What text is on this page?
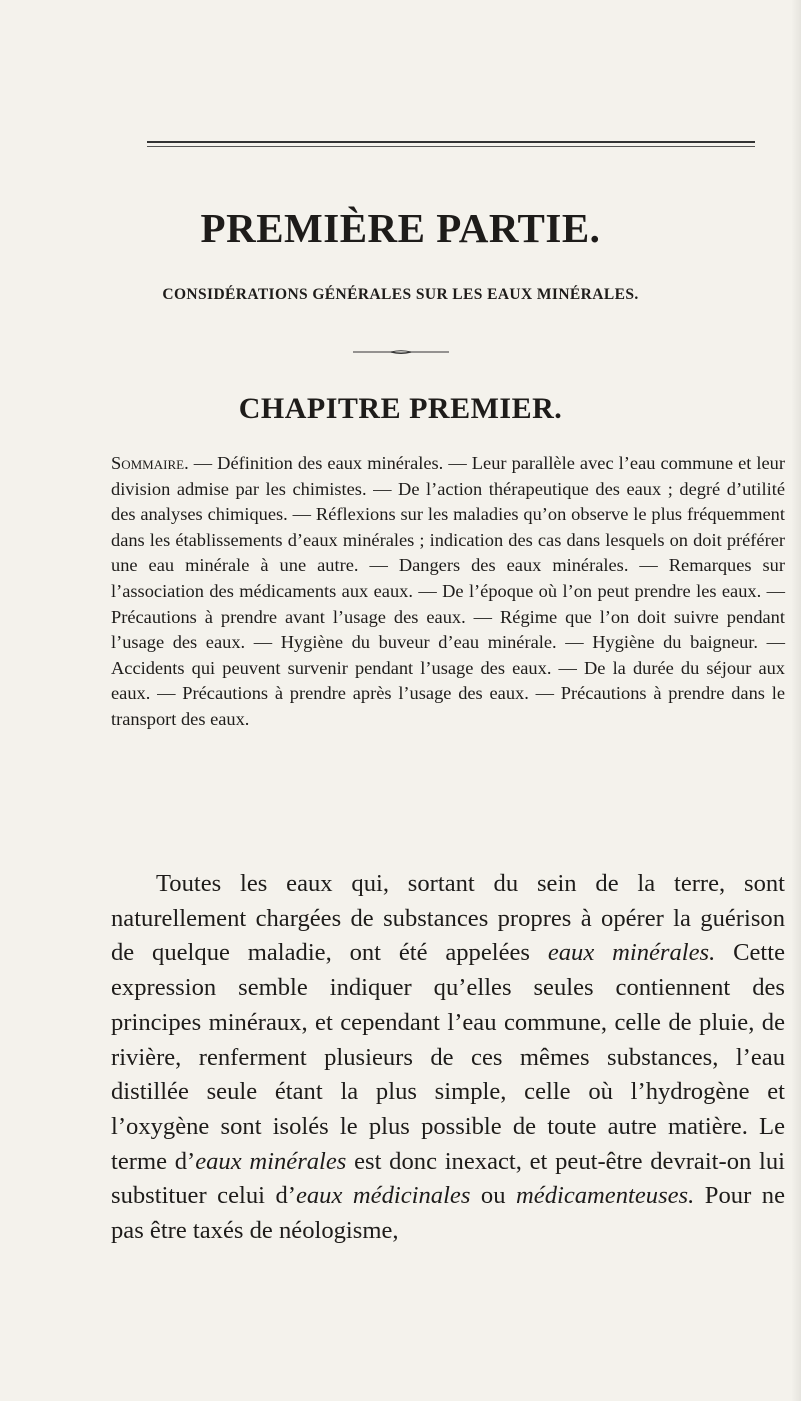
PREMIÈRE PARTIE.
CONSIDÉRATIONS GÉNÉRALES SUR LES EAUX MINÉRALES.
CHAPITRE PREMIER.

Sommaire. — Définition des eaux minérales. — Leur parallèle avec l’eau commune et leur division admise par les chimistes. — De l’action thérapeutique des eaux ; degré d’utilité des analyses chimiques. — Réflexions sur les maladies qu’on observe le plus fréquemment dans les établissements d’eaux minérales ; indication des cas dans lesquels on doit préférer une eau minérale à une autre. — Dangers des eaux minérales. — Remarques sur l’association des médicaments aux eaux. — De l’époque où l’on peut prendre les eaux. — Précautions à prendre avant l’usage des eaux. — Régime que l’on doit suivre pendant l’usage des eaux. — Hygiène du buveur d’eau minérale. — Hygiène du baigneur. — Accidents qui peuvent survenir pendant l’usage des eaux. — De la durée du séjour aux eaux. — Précautions à prendre après l’usage des eaux. — Précautions à prendre dans le transport des eaux.

Toutes les eaux qui, sortant du sein de la terre, sont naturellement chargées de substances propres à opérer la guérison de quelque maladie, ont été appelées eaux minérales. Cette expression semble indiquer qu’elles seules contiennent des principes minéraux, et cependant l’eau commune, celle de pluie, de rivière, renferment plusieurs de ces mêmes substances, l’eau distillée seule étant la plus simple, celle où l’hydrogène et l’oxygène sont isolés le plus possible de toute autre matière. Le terme d’eaux minérales est donc inexact, et peut-être devrait-on lui substituer celui d’eaux médicinales ou médicamenteuses. Pour ne pas être taxés de néologisme,
